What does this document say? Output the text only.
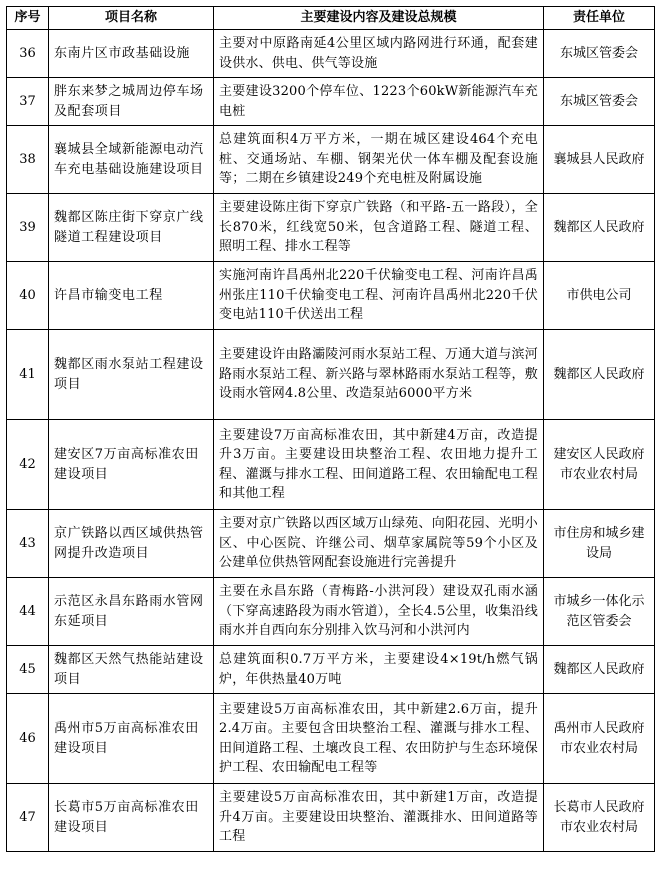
序号	项目名称	主要建设内容及建设总规模	责任单位
36	东南片区市政基础设施	主要对中原路南延4公里区域内路网进行环通，配套建设供水、供电、供气等设施	东城区管委会
37	胖东来梦之城周边停车场及配套项目	主要建设3200个停车位、1223个60kW新能源汽车充电桩	东城区管委会
38	襄城县全域新能源电动汽车充电基础设施建设项目	总建筑面积4万平方米，一期在城区建设464个充电桩、交通场站、车棚、钢架光伏一体车棚及配套设施等；二期在乡镇建设249个充电桩及附属设施	襄城县人民政府
39	魏都区陈庄街下穿京广线隧道工程建设项目	主要建设陈庄街下穿京广铁路（和平路-五一路段），全长870米，红线宽50米，包含道路工程、隧道工程、照明工程、排水工程等	魏都区人民政府
40	许昌市输变电工程	实施河南许昌禹州北220千伏输变电工程、河南许昌禹州张庄110千伏输变电工程、河南许昌禹州北220千伏变电站110千伏送出工程	市供电公司
41	魏都区雨水泵站工程建设项目	主要建设许由路灞陵河雨水泵站工程、万通大道与滨河路雨水泵站工程、新兴路与翠林路雨水泵站工程等，敷设雨水管网4.8公里、改造泵站6000平方米	魏都区人民政府
42	建安区7万亩高标准农田建设项目	主要建设7万亩高标准农田，其中新建4万亩，改造提升3万亩。主要建设田块整治工程、农田地力提升工程、灌溉与排水工程、田间道路工程、农田输配电工程和其他工程	建安区人民政府市农业农村局
43	京广铁路以西区域供热管网提升改造项目	主要对京广铁路以西区域万山绿苑、向阳花园、光明小区、中心医院、许继公司、烟草家属院等59个小区及公建单位供热管网配套设施进行完善提升	市住房和城乡建设局
44	示范区永昌东路雨水管网东延项目	主要在永昌东路（青梅路-小洪河段）建设双孔雨水涵（下穿高速路段为雨水管道），全长4.5公里，收集沿线雨水并自西向东分别排入饮马河和小洪河内	市城乡一体化示范区管委会
45	魏都区天然气热能站建设项目	总建筑面积0.7万平方米，主要建设4×19t/h燃气锅炉，年供热量40万吨	魏都区人民政府
46	禹州市5万亩高标准农田建设项目	主要建设5万亩高标准农田，其中新建2.6万亩，提升2.4万亩。主要包含田块整治工程、灌溉与排水工程、田间道路工程、土壤改良工程、农田防护与生态环境保护工程、农田输配电工程等	禹州市人民政府市农业农村局
47	长葛市5万亩高标准农田建设项目	主要建设5万亩高标准农田，其中新建1万亩，改造提升4万亩。主要建设田块整治、灌溉排水、田间道路等工程	长葛市人民政府市农业农村局
